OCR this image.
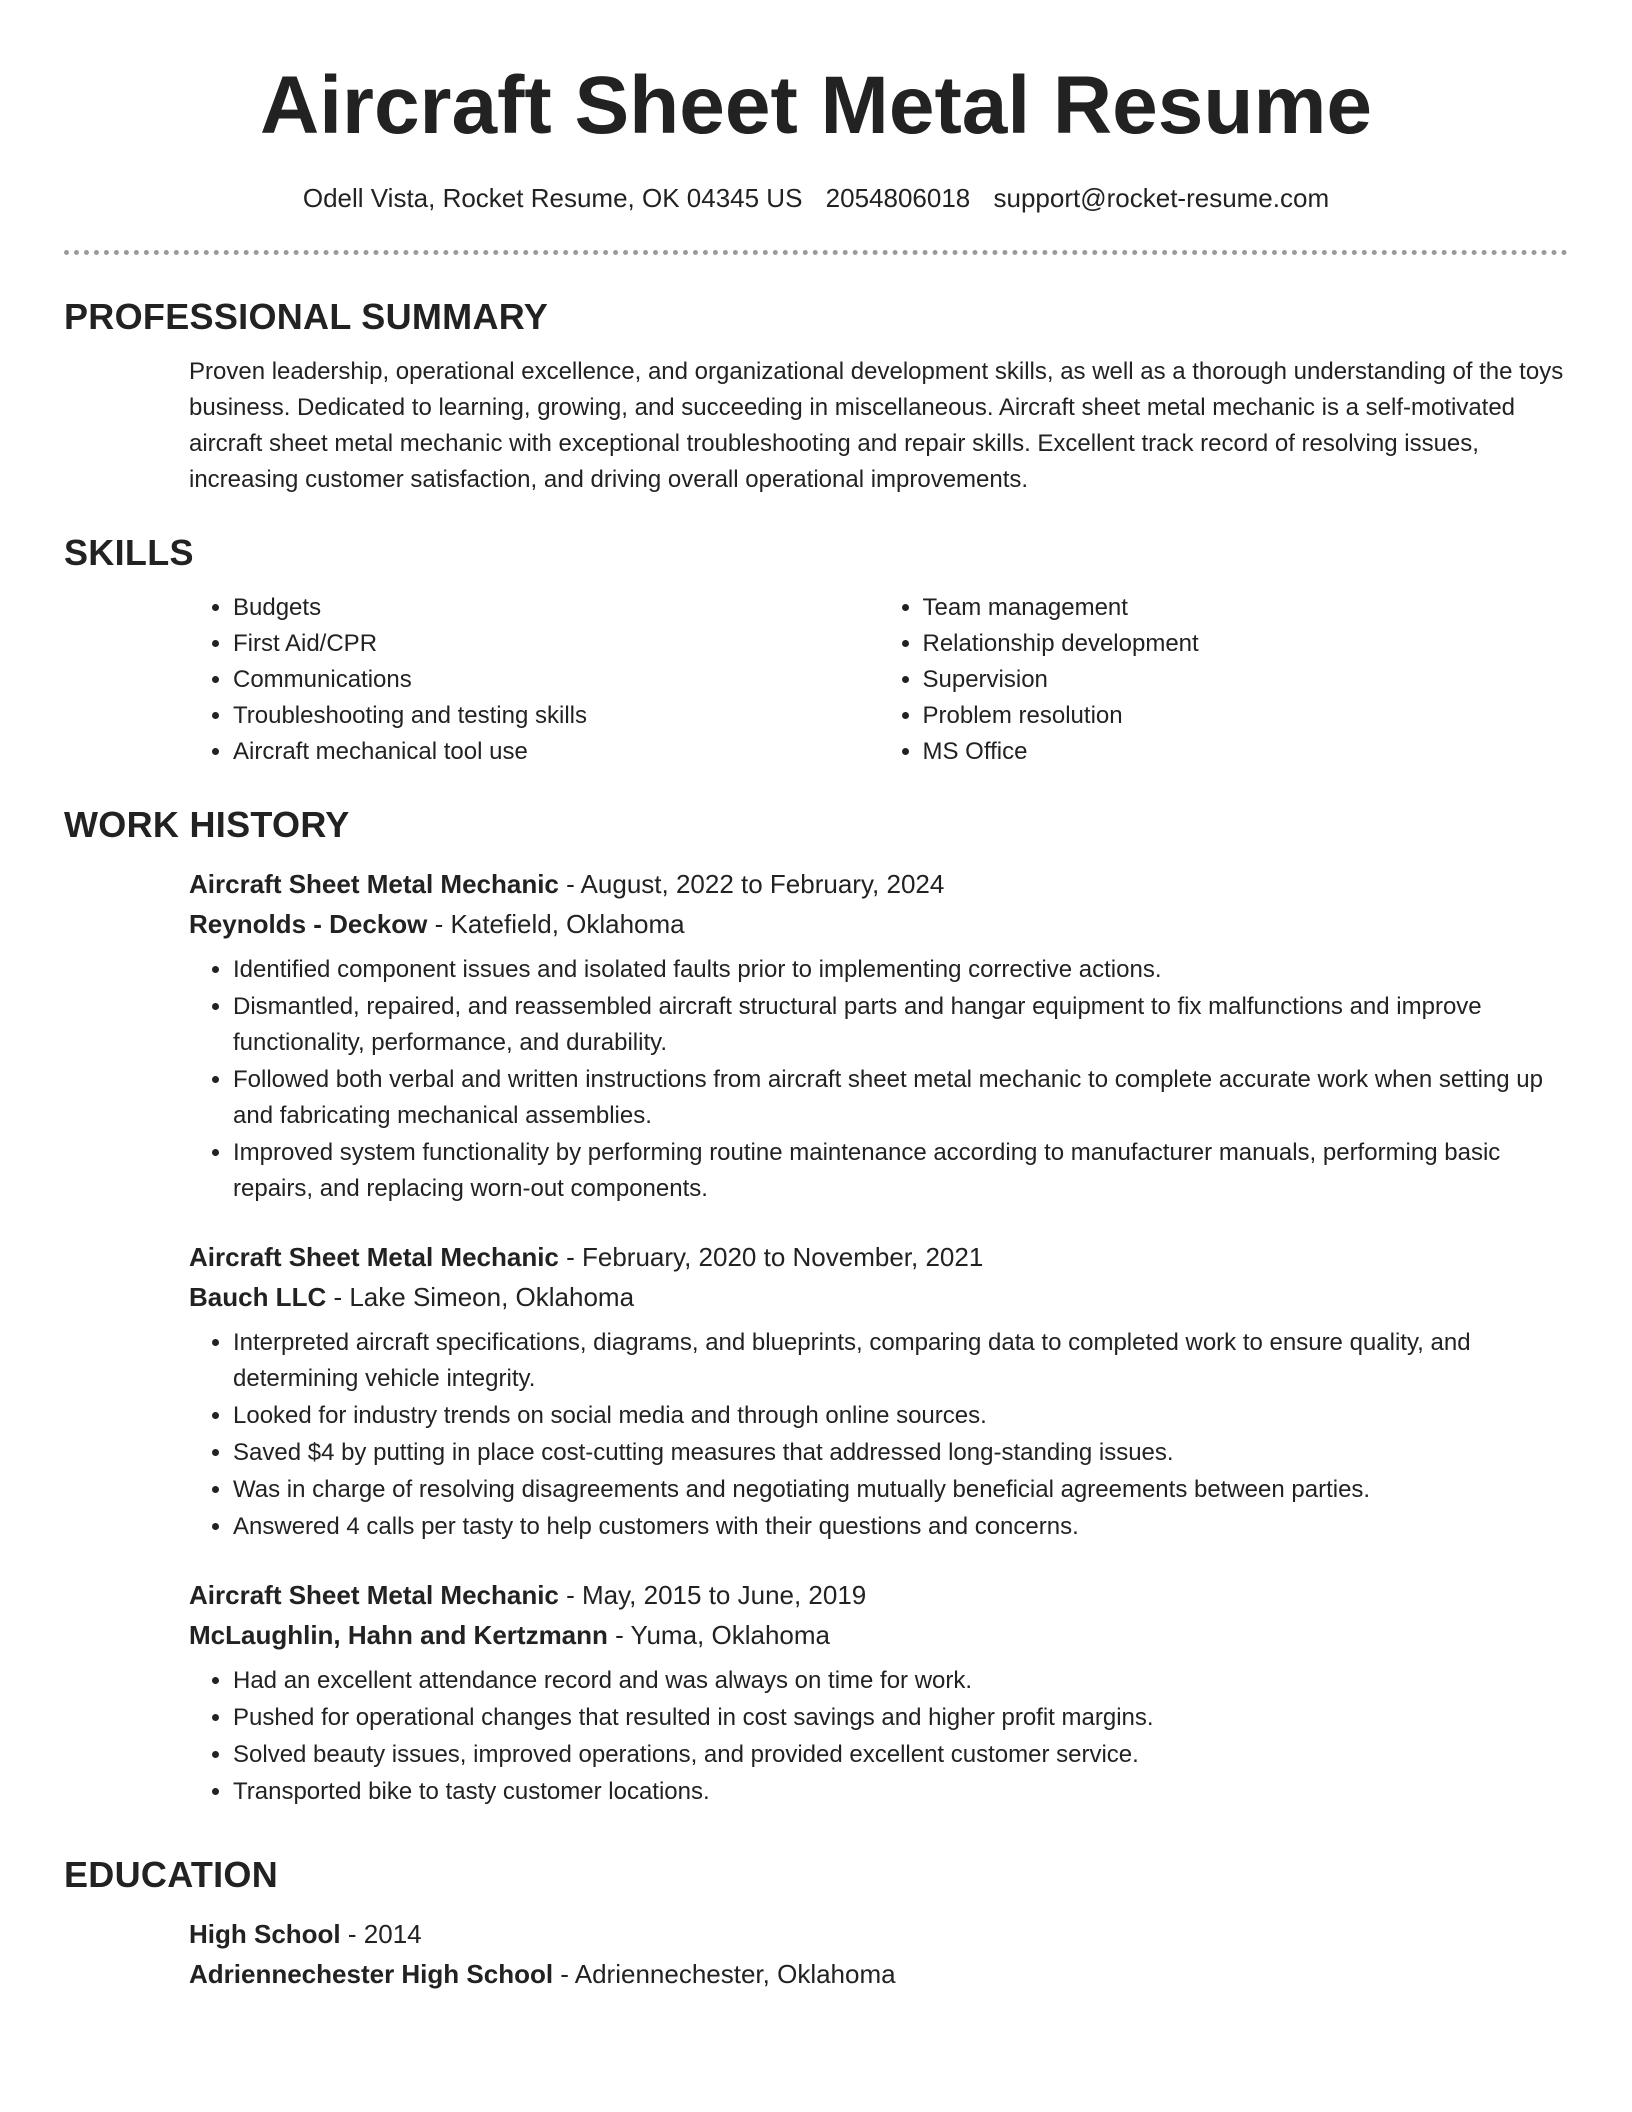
Aircraft Sheet Metal Resume
Odell Vista, Rocket Resume, OK 04345 US 2054806018 support@rocket-resume.com
PROFESSIONAL SUMMARY

Proven leadership, operational excellence, and organizational development skills, as well as a thorough understanding of the toys business. Dedicated to learning, growing, and succeeding in miscellaneous. Aircraft sheet metal mechanic is a self-motivated aircraft sheet metal mechanic with exceptional troubleshooting and repair skills. Excellent track record of resolving issues, increasing customer satisfaction, and driving overall operational improvements.

SKILLS
• Budgets
• First Aid/CPR
• Communications
• Troubleshooting and testing skills
• Aircraft mechanical tool use
• Team management
• Relationship development
• Supervision
• Problem resolution
• MS Office
WORK HISTORY

Aircraft Sheet Metal Mechanic - August, 2022 to February, 2024

Reynolds - Deckow - Katefield, Oklahoma

• Identified component issues and isolated faults prior to implementing corrective actions.
• Dismantled, repaired, and reassembled aircraft structural parts and hangar equipment to fix malfunctions and improve functionality, performance, and durability.
• Followed both verbal and written instructions from aircraft sheet metal mechanic to complete accurate work when setting up and fabricating mechanical assemblies.
• Improved system functionality by performing routine maintenance according to manufacturer manuals, performing basic repairs, and replacing worn-out components.

Aircraft Sheet Metal Mechanic - February, 2020 to November, 2021

Bauch LLC - Lake Simeon, Oklahoma

• Interpreted aircraft specifications, diagrams, and blueprints, comparing data to completed work to ensure quality, and determining vehicle integrity.
• Looked for industry trends on social media and through online sources.
• Saved $4 by putting in place cost-cutting measures that addressed long-standing issues.
• Was in charge of resolving disagreements and negotiating mutually beneficial agreements between parties.
• Answered 4 calls per tasty to help customers with their questions and concerns.

Aircraft Sheet Metal Mechanic - May, 2015 to June, 2019

McLaughlin, Hahn and Kertzmann - Yuma, Oklahoma

• Had an excellent attendance record and was always on time for work.
• Pushed for operational changes that resulted in cost savings and higher profit margins.
• Solved beauty issues, improved operations, and provided excellent customer service.
• Transported bike to tasty customer locations.
EDUCATION

High School - 2014

Adriennechester High School - Adriennechester, Oklahoma
